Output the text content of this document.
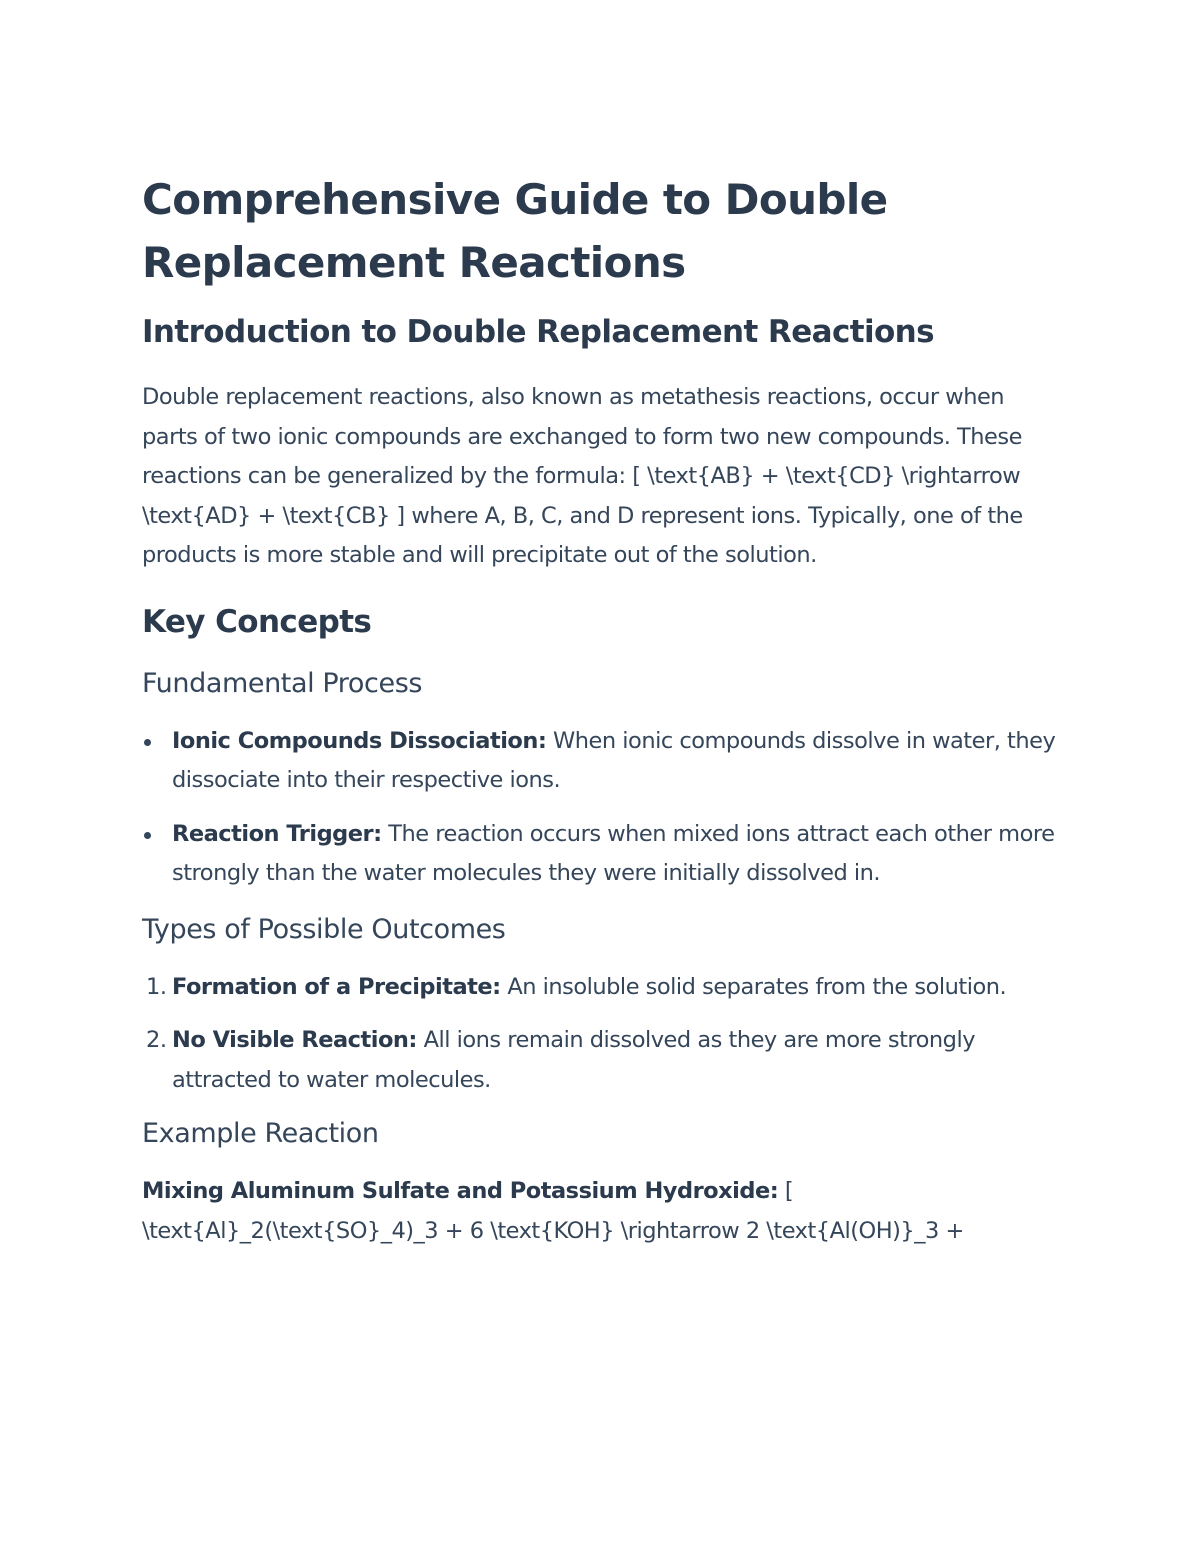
Comprehensive Guide to Double Replacement Reactions
Introduction to Double Replacement Reactions

Double replacement reactions, also known as metathesis reactions, occur when parts of two ionic compounds are exchanged to form two new compounds. These reactions can be generalized by the formula: [ \text{AB} + \text{CD} \rightarrow \text{AD} + \text{CB} ] where A, B, C, and D represent ions. Typically, one of the products is more stable and will precipitate out of the solution.

Key Concepts
Fundamental Process
Ionic Compounds Dissociation: When ionic compounds dissolve in water, they dissociate into their respective ions.
Reaction Trigger: The reaction occurs when mixed ions attract each other more strongly than the water molecules they were initially dissolved in.
Types of Possible Outcomes
1. Formation of a Precipitate: An insoluble solid separates from the solution.
2. No Visible Reaction: All ions remain dissolved as they are more strongly attracted to water molecules.
Example Reaction

Mixing Aluminum Sulfate and Potassium Hydroxide: [ \text{Al}_2(\text{SO}_4)_3 + 6 \text{KOH} \rightarrow 2 \text{Al(OH)}_3 +
